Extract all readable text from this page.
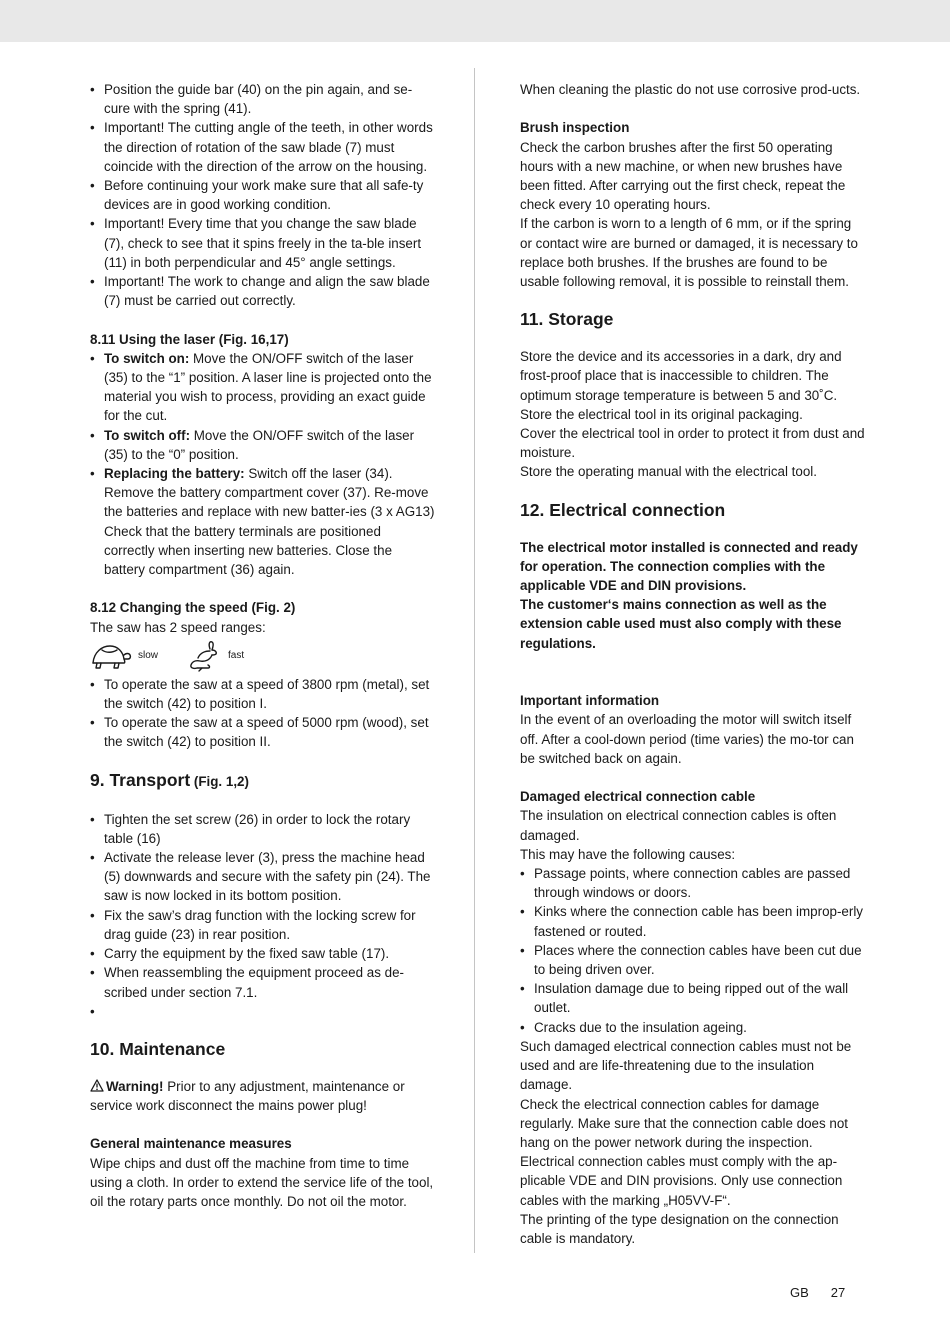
• Position the guide bar (40) on the pin again, and se-cure with the spring (41).
• Important! The cutting angle of the teeth, in other words the direction of rotation of the saw blade (7) must coincide with the direction of the arrow on the housing.
• Before continuing your work make sure that all safe-ty devices are in good working condition.
• Important! Every time that you change the saw blade (7), check to see that it spins freely in the ta-ble insert (11) in both perpendicular and 45° angle settings.
• Important! The work to change and align the saw blade (7) must be carried out correctly.

8.11 Using the laser (Fig. 16,17)

• To switch on: Move the ON/OFF switch of the laser (35) to the “1” position. A laser line is projected onto the material you wish to process, providing an exact guide for the cut.
• To switch off: Move the ON/OFF switch of the laser (35) to the “0” position.
• Replacing the battery: Switch off the laser (34). Remove the battery compartment cover (37). Re-move the batteries and replace with new batter-ies (3 x AG13) Check that the battery terminals are positioned correctly when inserting new batteries. Close the battery compartment (36) again.

8.12 Changing the speed (Fig. 2)

The saw has 2 speed ranges:

slow	fast
• To operate the saw at a speed of 3800 rpm (metal), set the switch (42) to position I.
• To operate the saw at a speed of 5000 rpm (wood), set the switch (42) to position II.
9. Transport (Fig. 1,2)
• Tighten the set screw (26) in order to lock the rotary table (16)
• Activate the release lever (3), press the machine head (5) downwards and secure with the safety pin (24). The saw is now locked in its bottom position.
• Fix the saw’s drag function with the locking screw for drag guide (23) in rear position.
• Carry the equipment by the fixed saw table (17).
• When reassembling the equipment proceed as de-scribed under section 7.1.
•
10. Maintenance

Warning! Prior to any adjustment, maintenance or service work disconnect the mains power plug!

General maintenance measures

Wipe chips and dust off the machine from time to time using a cloth. In order to extend the service life of the tool, oil the rotary parts once monthly. Do not oil the motor.

When cleaning the plastic do not use corrosive prod-ucts.

Brush inspection

Check the carbon brushes after the first 50 operating hours with a new machine, or when new brushes have been fitted. After carrying out the first check, repeat the check every 10 operating hours.

If the carbon is worn to a length of 6 mm, or if the spring or contact wire are burned or damaged, it is necessary to replace both brushes. If the brushes are found to be usable following removal, it is possible to reinstall them.

11. Storage

Store the device and its accessories in a dark, dry and frost-proof place that is inaccessible to children. The optimum storage temperature is between 5 and 30˚C.

Store the electrical tool in its original packaging.

Cover the electrical tool in order to protect it from dust and moisture.

Store the operating manual with the electrical tool.

12. Electrical connection

The electrical motor installed is connected and ready for operation. The connection complies with the applicable VDE and DIN provisions.

The customer‘s mains connection as well as the extension cable used must also comply with these regulations.

Important information

In the event of an overloading the motor will switch itself off. After a cool-down period (time varies) the mo-tor can be switched back on again.

Damaged electrical connection cable

The insulation on electrical connection cables is often damaged.

This may have the following causes:

• Passage points, where connection cables are passed through windows or doors.
• Kinks where the connection cable has been improp-erly fastened or routed.
• Places where the connection cables have been cut due to being driven over.
• Insulation damage due to being ripped out of the wall outlet.
• Cracks due to the insulation ageing.

Such damaged electrical connection cables must not be used and are life-threatening due to the insulation damage.

Check the electrical connection cables for damage regularly. Make sure that the connection cable does not hang on the power network during the inspection.

Electrical connection cables must comply with the ap-plicable VDE and DIN provisions. Only use connection cables with the marking „H05VV-F“.

The printing of the type designation on the connection cable is mandatory.

GB 27
